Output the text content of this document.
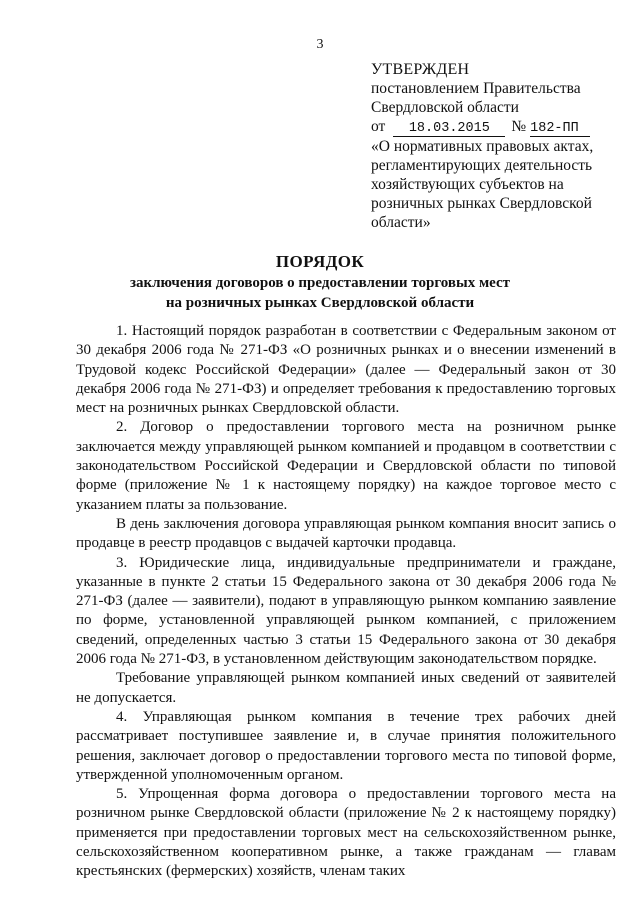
3
УТВЕРЖДЕН
постановлением Правительства
Свердловской области
от	18.03.2015	№ 182-ПП
«О нормативных правовых актах,
регламентирующих деятельность
хозяйствующих субъектов на
розничных рынках Свердловской
области»
ПОРЯДОК
заключения договоров о предоставлении торговых мест
на розничных рынках Свердловской области

1. Настоящий порядок разработан в соответствии с Федеральным законом от 30 декабря 2006 года № 271-ФЗ «О розничных рынках и о внесении изменений в Трудовой кодекс Российской Федерации» (далее — Федеральный закон от 30 декабря 2006 года № 271-ФЗ) и определяет требования к предоставлению торговых мест на розничных рынках Свердловской области.

2. Договор о предоставлении торгового места на розничном рынке заключается между управляющей рынком компанией и продавцом в соответствии с законодательством Российской Федерации и Свердловской области по типовой форме (приложение № 1 к настоящему порядку) на каждое торговое место с указанием платы за пользование.

В день заключения договора управляющая рынком компания вносит запись о продавце в реестр продавцов с выдачей карточки продавца.

3. Юридические лица, индивидуальные предприниматели и граждане, указанные в пункте 2 статьи 15 Федерального закона от 30 декабря 2006 года № 271-ФЗ (далее — заявители), подают в управляющую рынком компанию заявление по форме, установленной управляющей рынком компанией, с приложением сведений, определенных частью 3 статьи 15 Федерального закона от 30 декабря 2006 года № 271-ФЗ, в установленном действующим законодательством порядке.

Требование управляющей рынком компанией иных сведений от заявителей не допускается.

4. Управляющая рынком компания в течение трех рабочих дней рассматривает поступившее заявление и, в случае принятия положительного решения, заключает договор о предоставлении торгового места по типовой форме, утвержденной уполномоченным органом.

5. Упрощенная форма договора о предоставлении торгового места на розничном рынке Свердловской области (приложение № 2 к настоящему порядку) применяется при предоставлении торговых мест на сельскохозяйственном рынке, сельскохозяйственном кооперативном рынке, а также гражданам — главам крестьянских (фермерских) хозяйств, членам таких
